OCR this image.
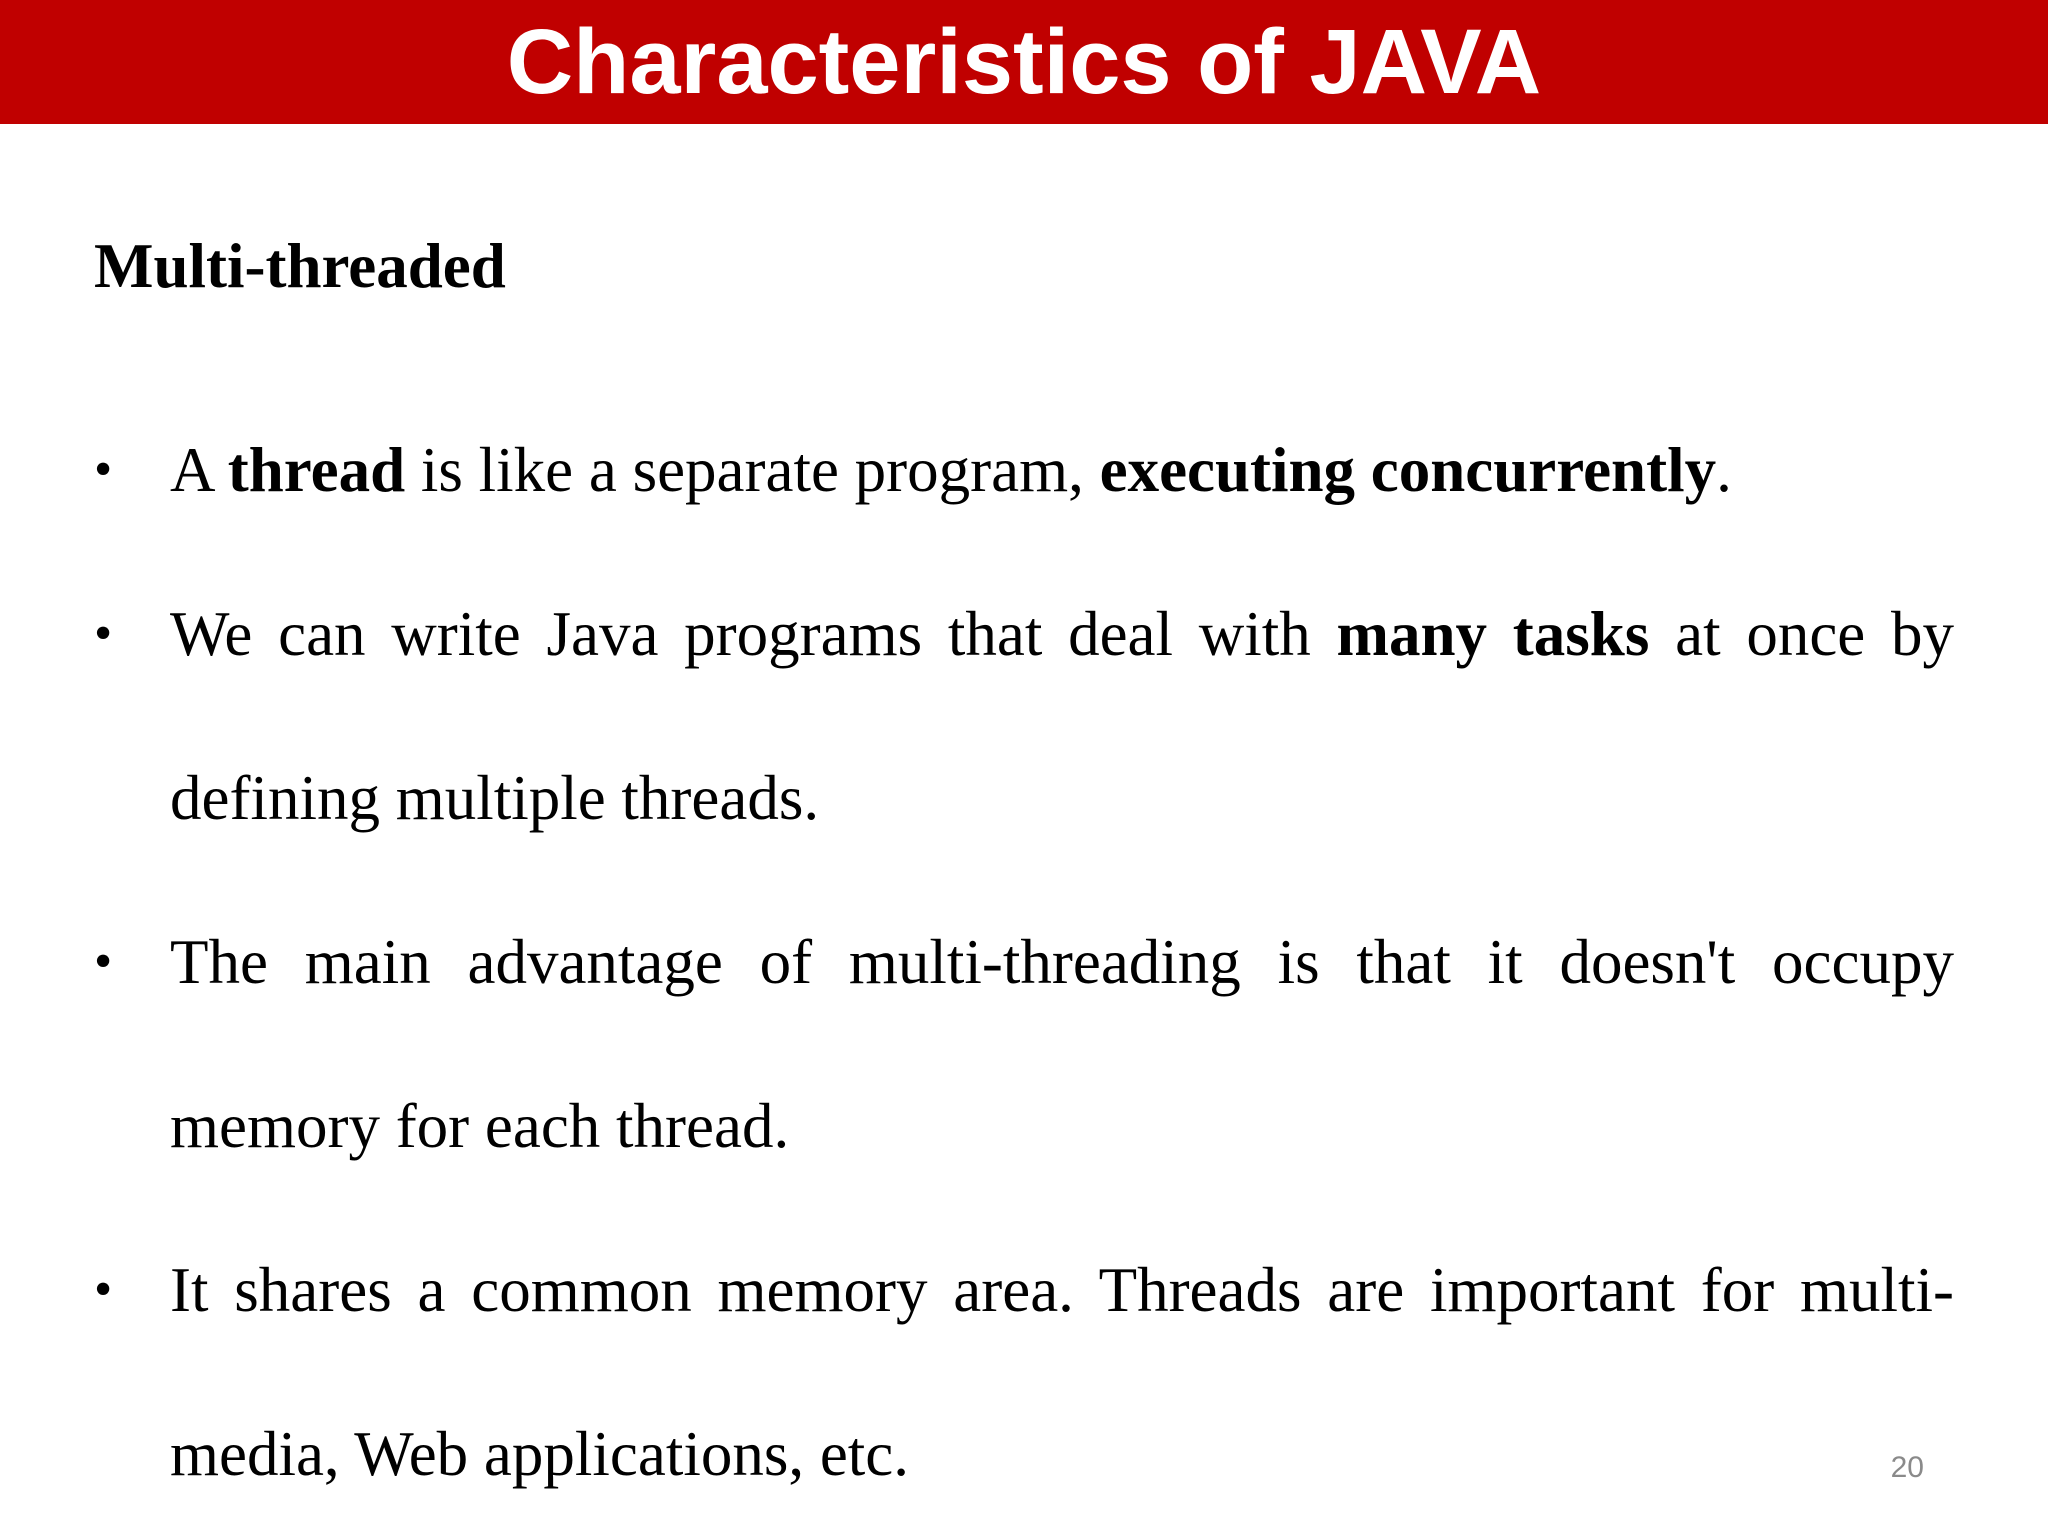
Characteristics of JAVA
Multi-threaded
• A thread is like a separate program, executing concurrently.
• We can write Java programs that deal with many tasks at once by defining multiple threads.
• The main advantage of multi-threading is that it doesn't occupy memory for each thread.
• It shares a common memory area. Threads are important for multi-media, Web applications, etc.	20
